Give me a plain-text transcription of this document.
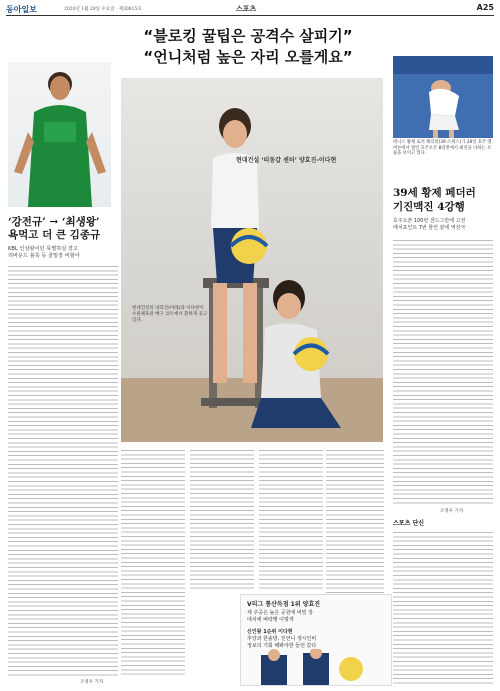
동아일보	2020년 1월 29일 수요일 · 제30815호	스포츠	A25
“블로킹 꿀팁은 공격수 살피기”
“언니처럼 높은 자리 오를게요”
‘강전규’ → ‘최생왕’
욕먹고 더 큰 김종규
KBL 인삼왕이던 뚝별하실 결고
리바운드 블록 등 골밑장 비할아
조영우 기자
현대건설 ‘띠동갑 센터’ 양효진-이다현
현대건설의 양효진(아래)과 이다현이 수원체육관 배구 코트에서 환하게 웃고 있다.
V리그 통산득점 1위 양효진
새 주공은 높은 공원에 비밀 장
대치에 벼락행 이렇게
신인왕 1순위 이다현
추앙과 한솔방, 친언니 생시인비
정보의 기회 해봐야한 들런 갔다
테니스 황제 로저 페더러(39·스위스)가 28일 호주 멜버른에서 열린 호주오픈 8강전에서 최선을 다하는 모습을 보이고 있다.
39세 황제 페더러
기진맥진 4강행
호주오픈 100번 샌드그란에 고전
매치포인트 7번 물린 끝에 역전극
조영우 기자
스포츠 단신
